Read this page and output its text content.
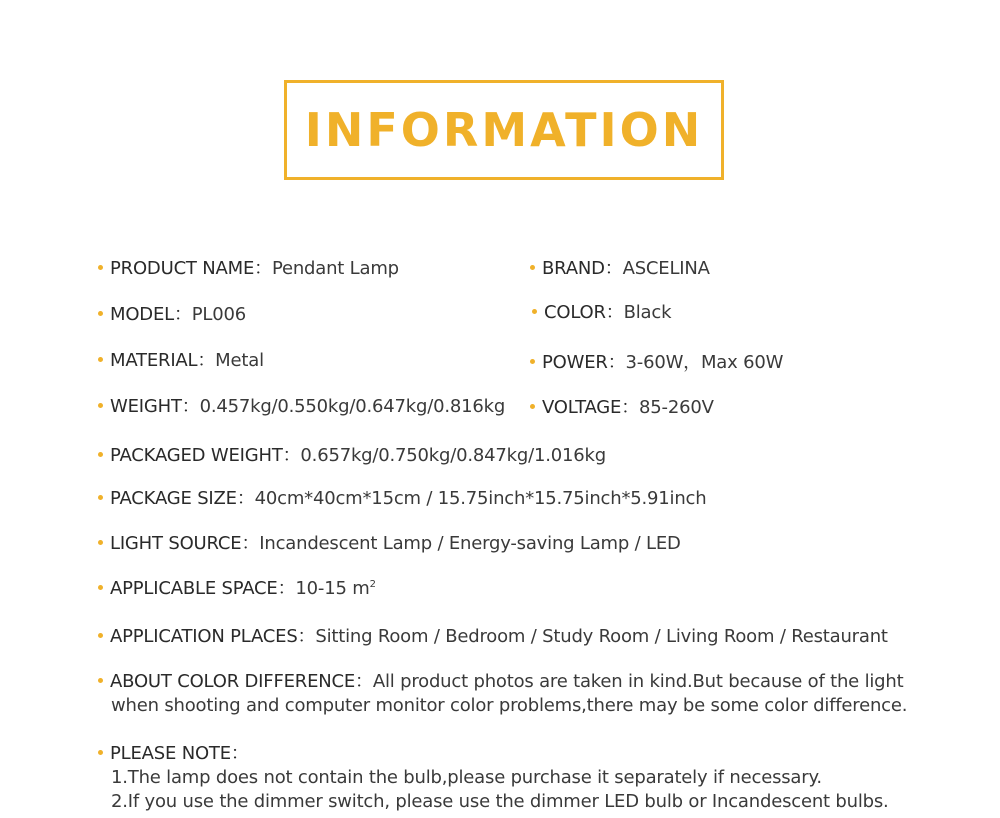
INFORMATION
PRODUCT NAME：Pendant Lamp
MODEL：PL006
MATERIAL：Metal
WEIGHT：0.457kg/0.550kg/0.647kg/0.816kg
BRAND：ASCELINA
COLOR：Black
POWER：3-60W，Max 60W
VOLTAGE：85-260V
PACKAGED WEIGHT：0.657kg/0.750kg/0.847kg/1.016kg
PACKAGE SIZE：40cm*40cm*15cm / 15.75inch*15.75inch*5.91inch
LIGHT SOURCE：Incandescent Lamp / Energy-saving Lamp / LED
APPLICABLE SPACE：10-15 $m^2$
APPLICATION PLACES：Sitting Room / Bedroom / Study Room / Living Room / Restaurant
ABOUT COLOR DIFFERENCE：All product photos are taken in kind.But because of the light
when shooting and computer monitor color problems,there may be some color difference.
PLEASE NOTE：
1.The lamp does not contain the bulb,please purchase it separately if necessary.
2.If you use the dimmer switch, please use the dimmer LED bulb or Incandescent bulbs.
